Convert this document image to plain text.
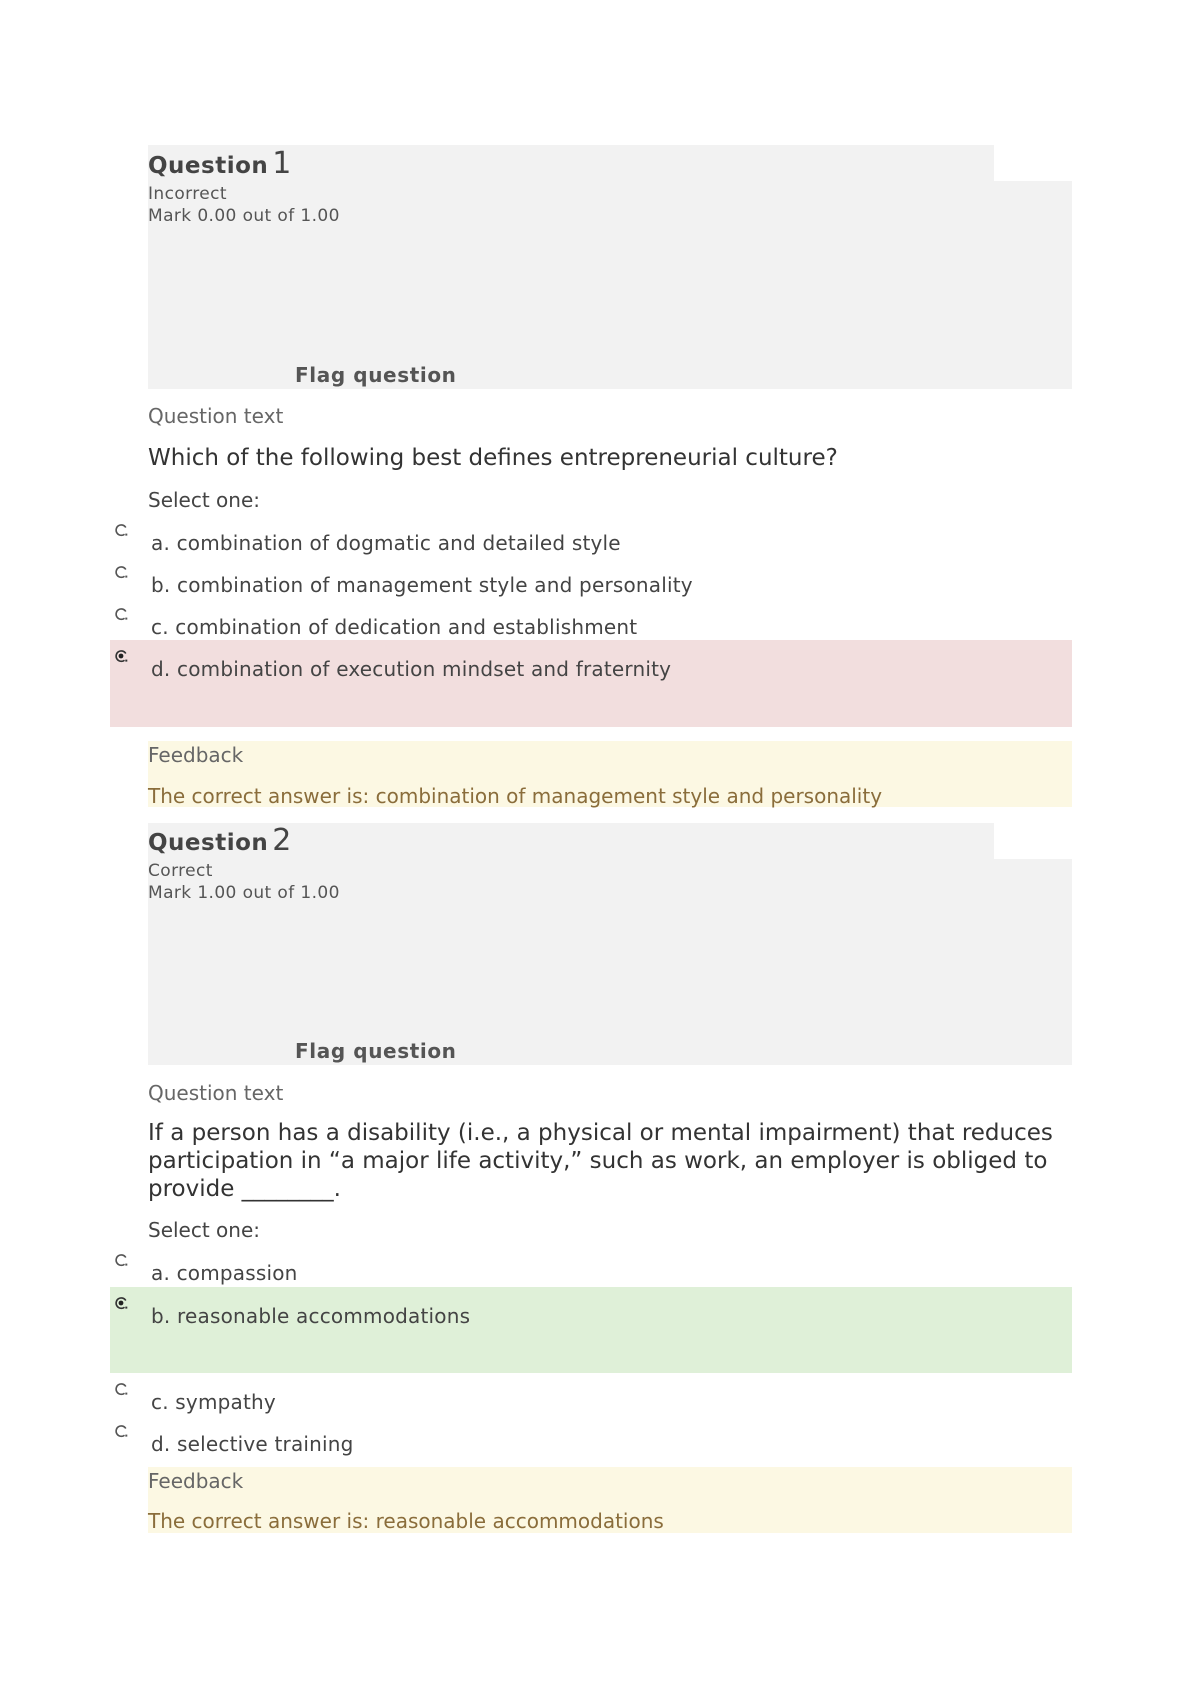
Question 1
Incorrect
Mark 0.00 out of 1.00
Flag question
Question text
Which of the following best defines entrepreneurial culture?
Select one:
a. combination of dogmatic and detailed style
b. combination of management style and personality
c. combination of dedication and establishment
d. combination of execution mindset and fraternity
Feedback
The correct answer is: combination of management style and personality
Question 2
Correct
Mark 1.00 out of 1.00
Flag question
Question text
If a person has a disability (i.e., a physical or mental impairment) that reduces participation in “a major life activity,” such as work, an employer is obliged to provide ________.
Select one:
a. compassion
b. reasonable accommodations
c. sympathy
d. selective training
Feedback
The correct answer is: reasonable accommodations
